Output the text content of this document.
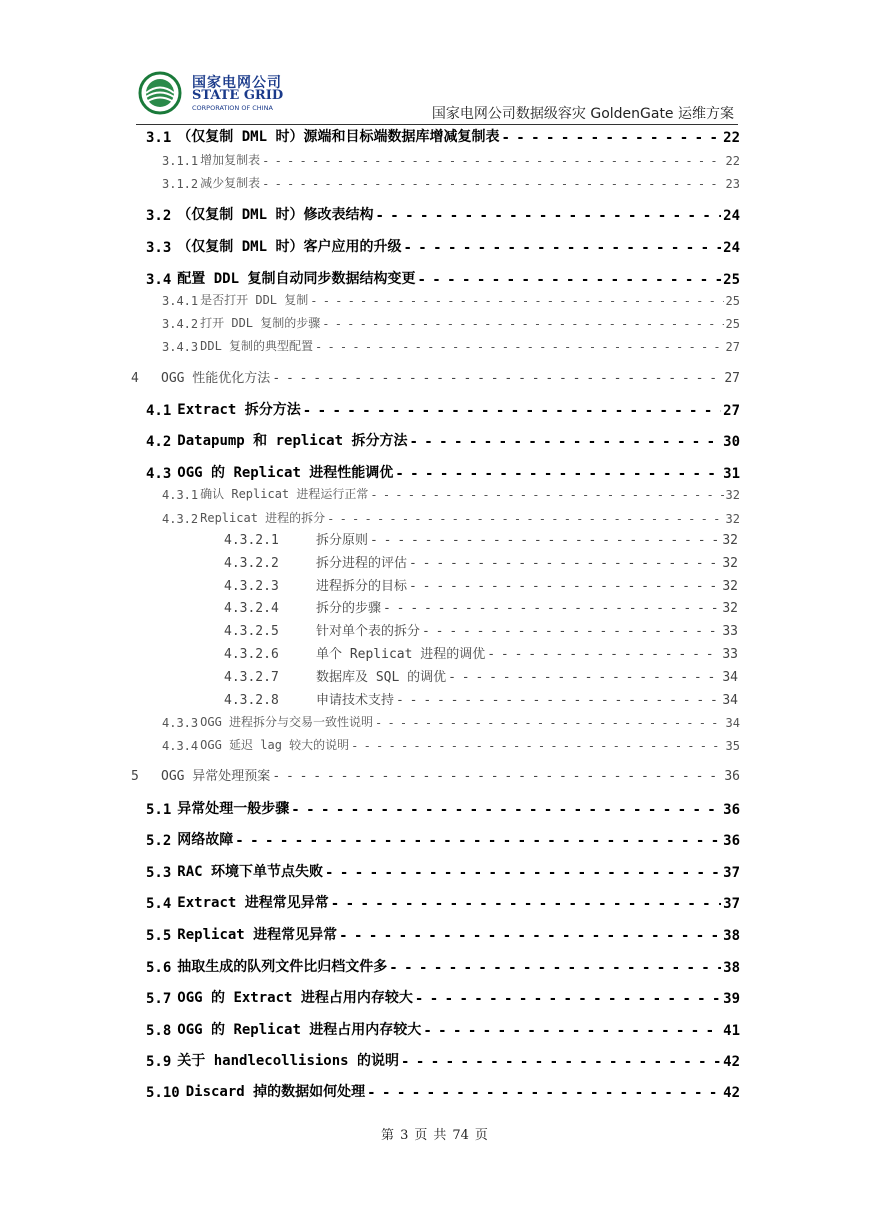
国家电网公司
STATE GRID
CORPORATION OF CHINA	国家电网公司数据级容灾 GoldenGate 运维方案
3.1 （仅复制 DML 时）源端和目标端数据库增减复制表 - - -	22
3.1.1 增加复制表 - - -	22
3.1.2 减少复制表 - - -	23
3.2 （仅复制 DML 时）修改表结构 - - -	24
3.3 （仅复制 DML 时）客户应用的升级 - - -	24
3.4 配置 DDL 复制自动同步数据结构变更 - - -	25
3.4.1 是否打开 DDL 复制 - - -	25
3.4.2 打开 DDL 复制的步骤 - - -	25
3.4.3 DDL 复制的典型配置 - - -	27
4	OGG 性能优化方法 - - -	27
4.1 Extract 拆分方法 - - -	27
4.2 Datapump 和 replicat 拆分方法 - - -	30
4.3 OGG 的 Replicat 进程性能调优 - - -	31
4.3.1 确认 Replicat 进程运行正常 - - -	32
4.3.2 Replicat 进程的拆分 - - -	32
4.3.2.1	拆分原则 - - -	32
4.3.2.2	拆分进程的评估 - - -	32
4.3.2.3	进程拆分的目标 - - -	32
4.3.2.4	拆分的步骤 - - -	32
4.3.2.5	针对单个表的拆分 - - -	33
4.3.2.6	单个 Replicat 进程的调优 - - -	33
4.3.2.7	数据库及 SQL 的调优 - - -	34
4.3.2.8	申请技术支持 - - -	34
4.3.3 OGG 进程拆分与交易一致性说明 - - -	34
4.3.4 OGG 延迟 lag 较大的说明 - - -	35
5	OGG 异常处理预案 - - -	36
5.1 异常处理一般步骤 - - -	36
5.2 网络故障 - - -	36
5.3 RAC 环境下单节点失败 - - -	37
5.4 Extract 进程常见异常 - - -	37
5.5 Replicat 进程常见异常 - - -	38
5.6 抽取生成的队列文件比归档文件多 - - -	38
5.7 OGG 的 Extract 进程占用内存较大 - - -	39
5.8 OGG 的 Replicat 进程占用内存较大 - - -	41
5.9 关于 handlecollisions 的说明 - - -	42
5.10 Discard 掉的数据如何处理 - - -	42
第 3 页 共 74 页
